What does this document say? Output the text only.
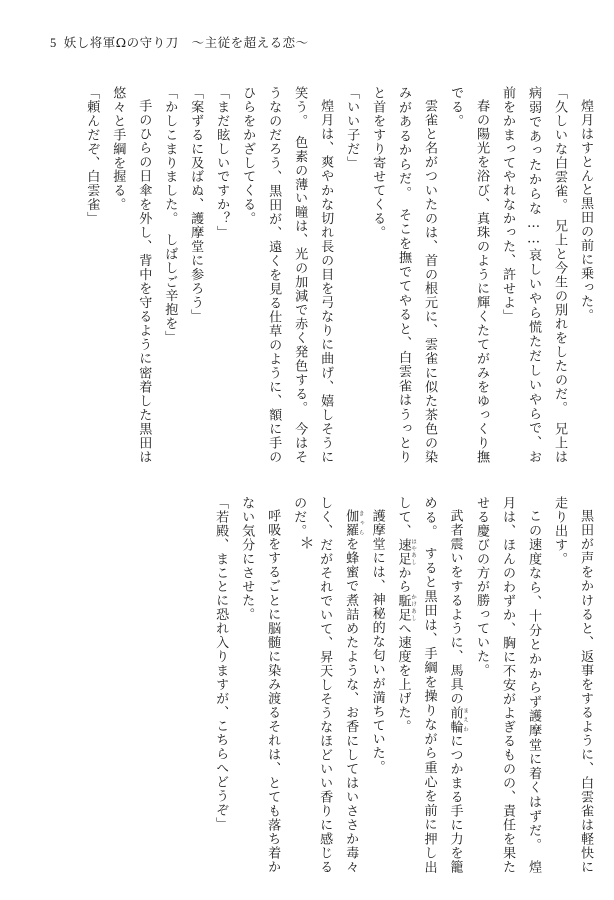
5 妖し将軍Ωの守り刀　〜主従を超える恋〜

煌月はすとんと黒田の前に乗った。

「久しいな白雲雀。　兄上と今生の別れをしたのだ。　兄上は病弱であったからな……哀しいやら慌ただしいやらで、お前をかまってやれなかった、許せよ」

春の陽光を浴び、真珠のように輝くたてがみをゆっくり撫でる。

雲雀と名がついたのは、首の根元に、雲雀に似た茶色の染みがあるからだ。　そこを撫でてやると、白雲雀はうっとりと首をすり寄せてくる。

「いい子だ」

煌月は、爽やかな切れ長の目を弓なりに曲げ、嬉しそうに笑う。　色素の薄い瞳は、光の加減で赤く発色する。　今はそうなのだろう、黒田が、遠くを見る仕草のように、額に手のひらをかざしてくる。

「まだ眩しいですか？」

「案ずるに及ばぬ、護摩堂に参ろう」

「かしこまりました。　しばしご辛抱を」

手のひらの日傘を外し、背中を守るように密着した黒田は悠々と手綱を握る。

「頼んだぞ、白雲雀」

＊	黒田が声をかけると、返事をするように、白雲雀は軽快に走り出す。

この速度なら、十分とかからず護摩堂に着くはずだ。　煌月は、ほんのわずか、胸に不安がよぎるものの、責任を果たせる慶びの方が勝っていた。

武者震いをするように、馬具の前輪 まえわにつかまる手に力を籠める。　すると黒田は、手綱を操りながら重心を前に押し出して、速足 はやあしから駈足 かけあしへ速度を上げた。

護摩堂には、神秘的な匂いが満ちていた。

伽羅 きゃらを蜂蜜で煮詰めたような、お香にしてはいささか毒々しく、だがそれでいて、昇天しそうなほどいい香りに感じるのだ。

呼吸をするごとに脳髄に染み渡るそれは、とても落ち着かない気分にさせた。

「若殿、まことに恐れ入りますが、こちらへどうぞ」
